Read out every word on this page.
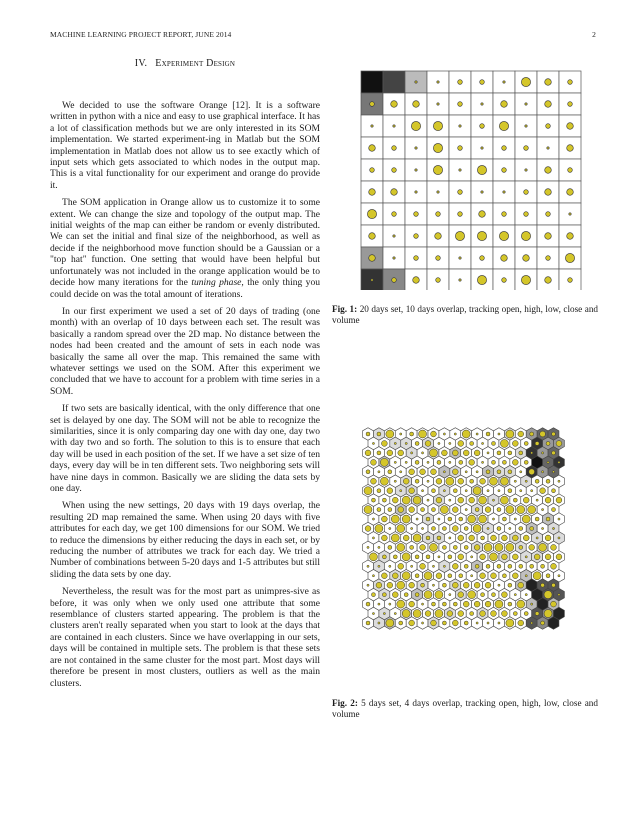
MACHINE LEARNING PROJECT REPORT, JUNE 2014	2
IV. Experiment Design

We decided to use the software Orange [12]. It is a software written in python with a nice and easy to use graphical interface. It has a lot of classification methods but we are only interested in its SOM implementation. We started experiment-ing in Matlab but the SOM implementation in Matlab does not allow us to see exactly which of input sets which gets associated to which nodes in the output map. This is a vital functionality for our experiment and orange do provide it.

The SOM application in Orange allow us to customize it to some extent. We can change the size and topology of the output map. The initial weights of the map can either be random or evenly distributed. We can set the initial and final size of the neighborhood, as well as decide if the neighborhood move function should be a Gaussian or a "top hat" function. One setting that would have been helpful but unfortunately was not included in the orange application would be to decide how many iterations for the tuning phase, the only thing you could decide on was the total amount of iterations.

In our first experiment we used a set of 20 days of trading (one month) with an overlap of 10 days between each set. The result was basically a random spread over the 2D map. No distance between the nodes had been created and the amount of sets in each node was basically the same all over the map. This remained the same with whatever settings we used on the SOM. After this experiment we concluded that we have to account for a problem with time series in a SOM.

If two sets are basically identical, with the only difference that one set is delayed by one day. The SOM will not be able to recognize the similarities, since it is only comparing day one with day one, day two with day two and so forth. The solution to this is to ensure that each day will be used in each position of the set. If we have a set size of ten days, every day will be in ten different sets. Two neighboring sets will have nine days in common. Basically we are sliding the data sets by one day.

When using the new settings, 20 days with 19 days overlap, the resulting 2D map remained the same. When using 20 days with five attributes for each day, we get 100 dimensions for our SOM. We tried to reduce the dimensions by either reducing the days in each set, or by reducing the number of attributes we track for each day. We tried a Number of combinations between 5-20 days and 1-5 attributes but still sliding the data sets by one day.

Nevertheless, the result was for the most part as unimpres-sive as before, it was only when we only used one attribute that some resemblance of clusters started appearing. The problem is that the clusters aren't really separated when you start to look at the days that are contained in each clusters. Since we have overlapping in our sets, days will be contained in multiple sets. The problem is that these sets are not contained in the same cluster for the most part. Most days will therefore be present in most clusters, outliers as well as the main clusters.

Fig. 1: 20 days set, 10 days overlap, tracking open, high, low, close and volume
Fig. 2: 5 days set, 4 days overlap, tracking open, high, low, close and volume
